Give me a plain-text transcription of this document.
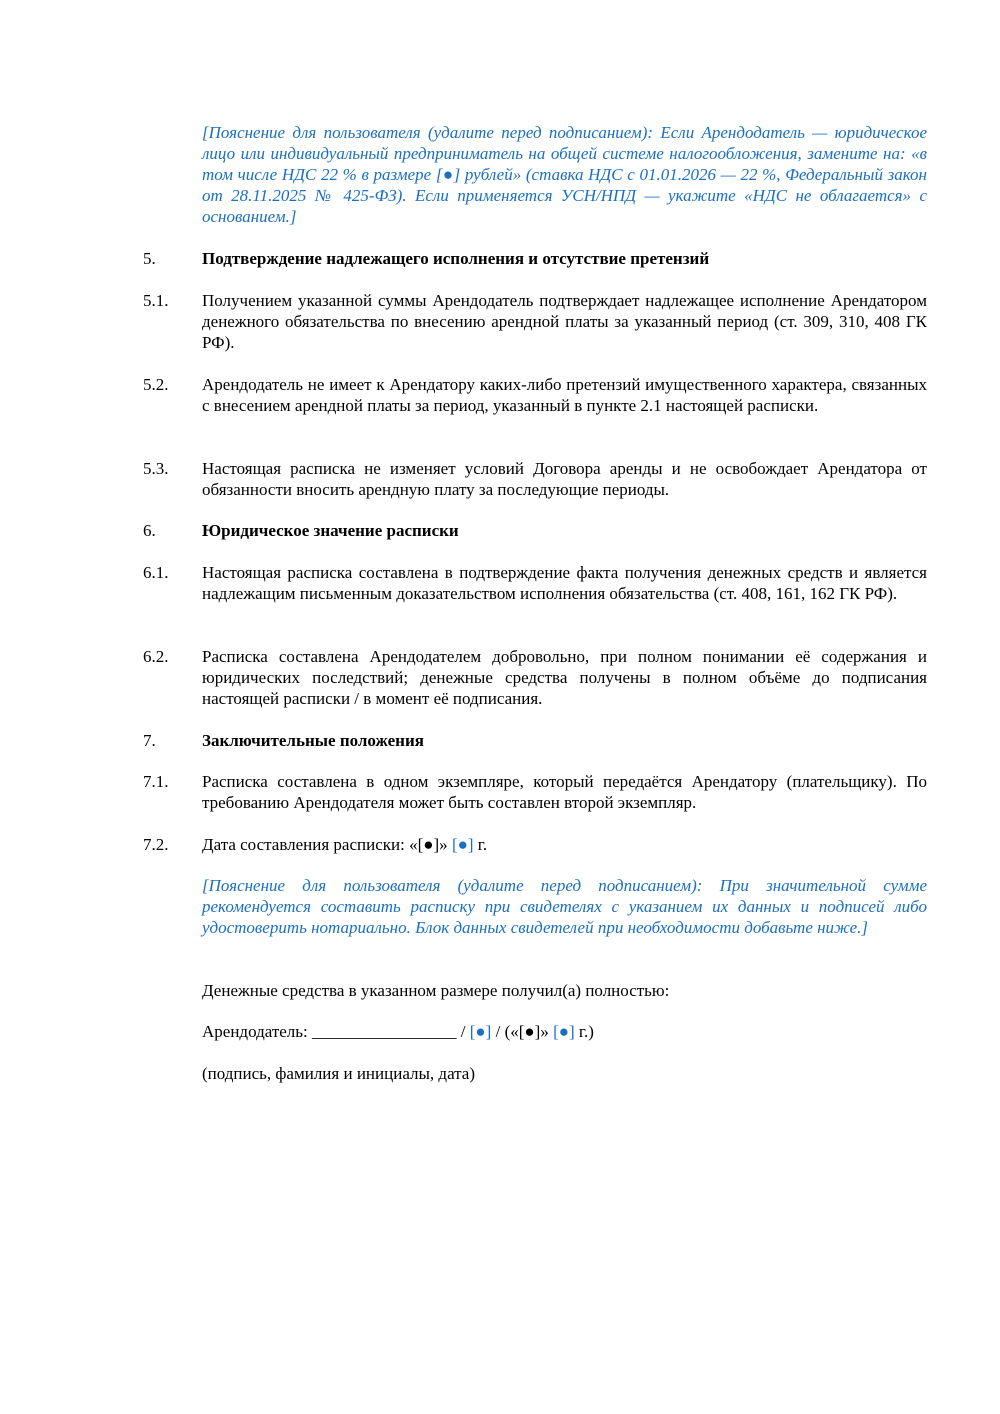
[Пояснение для пользователя (удалите перед подписанием): Если Арендодатель — юридическое лицо или индивидуальный предприниматель на общей системе налогообложения, замените на: «в том числе НДС 22 % в размере [●] рублей» (ставка НДС с 01.01.2026 — 22 %, Федеральный закон от 28.11.2025 № 425-ФЗ). Если применяется УСН/НПД — укажите «НДС не облагается» с основанием.]
5.	Подтверждение надлежащего исполнения и отсутствие претензий
5.1. Получением указанной суммы Арендодатель подтверждает надлежащее исполнение Арендатором денежного обязательства по внесению арендной платы за указанный период (ст. 309, 310, 408 ГК РФ).
5.2. Арендодатель не имеет к Арендатору каких-либо претензий имущественного характера, связанных с внесением арендной платы за период, указанный в пункте 2.1 настоящей расписки.
5.3. Настоящая расписка не изменяет условий Договора аренды и не освобождает Арендатора от обязанности вносить арендную плату за последующие периоды.
6.	Юридическое значение расписки
6.1. Настоящая расписка составлена в подтверждение факта получения денежных средств и является надлежащим письменным доказательством исполнения обязательства (ст. 408, 161, 162 ГК РФ).
6.2. Расписка составлена Арендодателем добровольно, при полном понимании её содержания и юридических последствий; денежные средства получены в полном объёме до подписания настоящей расписки / в момент её подписания.
7.	Заключительные положения
7.1. Расписка составлена в одном экземпляре, который передаётся Арендатору (плательщику). По требованию Арендодателя может быть составлен второй экземпляр.
7.2. Дата составления расписки: «[●]» [●] г.
[Пояснение для пользователя (удалите перед подписанием): При значительной сумме рекомендуется составить расписку при свидетелях с указанием их данных и подписей либо удостоверить нотариально. Блок данных свидетелей при необходимости добавьте ниже.]
Денежные средства в указанном размере получил(а) полностью:
Арендодатель: _________________ / [●] / («[●]» [●] г.)
(подпись, фамилия и инициалы, дата)
